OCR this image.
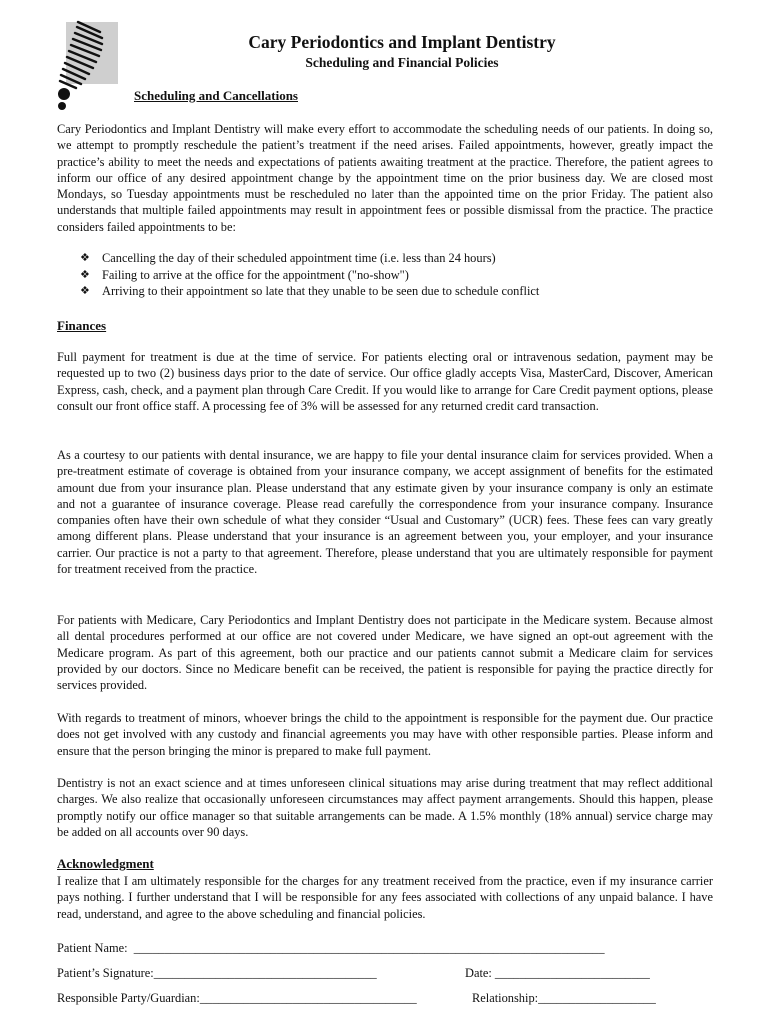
Cary Periodontics and Implant Dentistry
Scheduling and Financial Policies
Scheduling and Cancellations

Cary Periodontics and Implant Dentistry will make every effort to accommodate the scheduling needs of our patients. In doing so, we attempt to promptly reschedule the patient’s treatment if the need arises. Failed appointments, however, greatly impact the practice’s ability to meet the needs and expectations of patients awaiting treatment at the practice. Therefore, the patient agrees to inform our office of any desired appointment change by the appointment time on the prior business day. We are closed most Mondays, so Tuesday appointments must be rescheduled no later than the appointed time on the prior Friday. The patient also understands that multiple failed appointments may result in appointment fees or possible dismissal from the practice. The practice considers failed appointments to be:

❖ Cancelling the day of their scheduled appointment time (i.e. less than 24 hours)
❖ Failing to arrive at the office for the appointment ("no-show")
❖ Arriving to their appointment so late that they unable to be seen due to schedule conflict
Finances

Full payment for treatment is due at the time of service. For patients electing oral or intravenous sedation, payment may be requested up to two (2) business days prior to the date of service. Our office gladly accepts Visa, MasterCard, Discover, American Express, cash, check, and a payment plan through Care Credit. If you would like to arrange for Care Credit payment options, please consult our front office staff. A processing fee of 3% will be assessed for any returned credit card transaction.

As a courtesy to our patients with dental insurance, we are happy to file your dental insurance claim for services provided. When a pre-treatment estimate of coverage is obtained from your insurance company, we accept assignment of benefits for the estimated amount due from your insurance plan. Please understand that any estimate given by your insurance company is only an estimate and not a guarantee of insurance coverage. Please read carefully the correspondence from your insurance company. Insurance companies often have their own schedule of what they consider “Usual and Customary” (UCR) fees. These fees can vary greatly among different plans. Please understand that your insurance is an agreement between you, your employer, and your insurance carrier. Our practice is not a party to that agreement. Therefore, please understand that you are ultimately responsible for payment for treatment received from the practice.

For patients with Medicare, Cary Periodontics and Implant Dentistry does not participate in the Medicare system. Because almost all dental procedures performed at our office are not covered under Medicare, we have signed an opt-out agreement with the Medicare program. As part of this agreement, both our practice and our patients cannot submit a Medicare claim for services provided by our doctors. Since no Medicare benefit can be received, the patient is responsible for paying the practice directly for services provided.

With regards to treatment of minors, whoever brings the child to the appointment is responsible for the payment due. Our practice does not get involved with any custody and financial agreements you may have with other responsible parties. Please inform and ensure that the person bringing the minor is prepared to make full payment.

Dentistry is not an exact science and at times unforeseen clinical situations may arise during treatment that may reflect additional charges. We also realize that occasionally unforeseen circumstances may affect payment arrangements. Should this happen, please promptly notify our office manager so that suitable arrangements can be made. A 1.5% monthly (18% annual) service charge may be added on all accounts over 90 days.

Acknowledgment

I realize that I am ultimately responsible for the charges for any treatment received from the practice, even if my insurance carrier pays nothing. I further understand that I will be responsible for any fees associated with collections of any unpaid balance. I have read, understand, and agree to the above scheduling and financial policies.

Patient Name:  ____________________________________________________________________________
Patient’s Signature:____________________________________	Date: _________________________
Responsible Party/Guardian:___________________________________	Relationship:___________________
